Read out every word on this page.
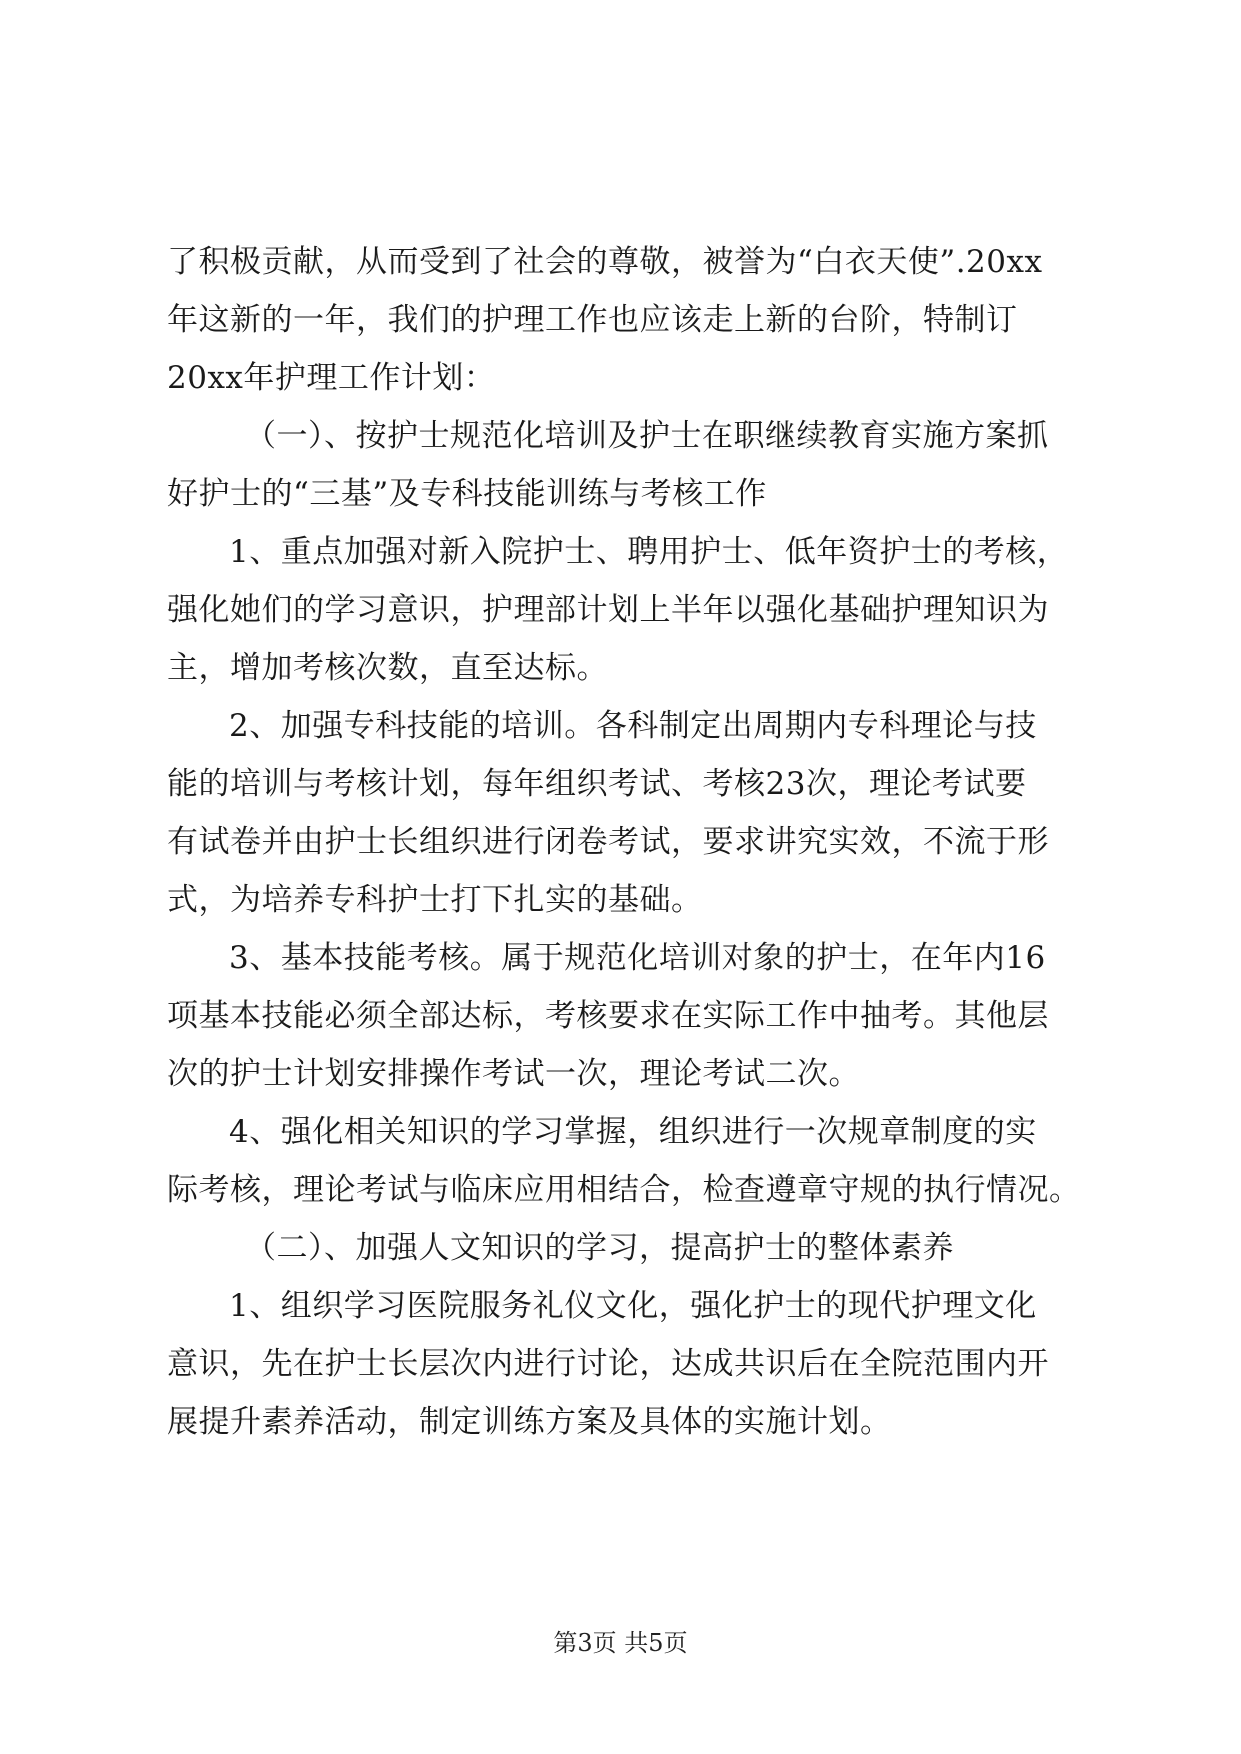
了积极贡献，从而受到了社会的尊敬，被誉为“白衣天使”.20xx
年这新的一年，我们的护理工作也应该走上新的台阶，特制订
20xx年护理工作计划：
（一）、按护士规范化培训及护士在职继续教育实施方案抓
好护士的“三基”及专科技能训练与考核工作
1、重点加强对新入院护士、聘用护士、低年资护士的考核，
强化她们的学习意识，护理部计划上半年以强化基础护理知识为
主，增加考核次数，直至达标。
2、加强专科技能的培训。各科制定出周期内专科理论与技
能的培训与考核计划，每年组织考试、考核23次，理论考试要
有试卷并由护士长组织进行闭卷考试，要求讲究实效，不流于形
式，为培养专科护士打下扎实的基础。
3、基本技能考核。属于规范化培训对象的护士，在年内16
项基本技能必须全部达标，考核要求在实际工作中抽考。其他层
次的护士计划安排操作考试一次，理论考试二次。
4、强化相关知识的学习掌握，组织进行一次规章制度的实
际考核，理论考试与临床应用相结合，检查遵章守规的执行情况。
（二）、加强人文知识的学习，提高护士的整体素养
1、组织学习医院服务礼仪文化，强化护士的现代护理文化
意识，先在护士长层次内进行讨论，达成共识后在全院范围内开
展提升素养活动，制定训练方案及具体的实施计划。
第3页 共5页
